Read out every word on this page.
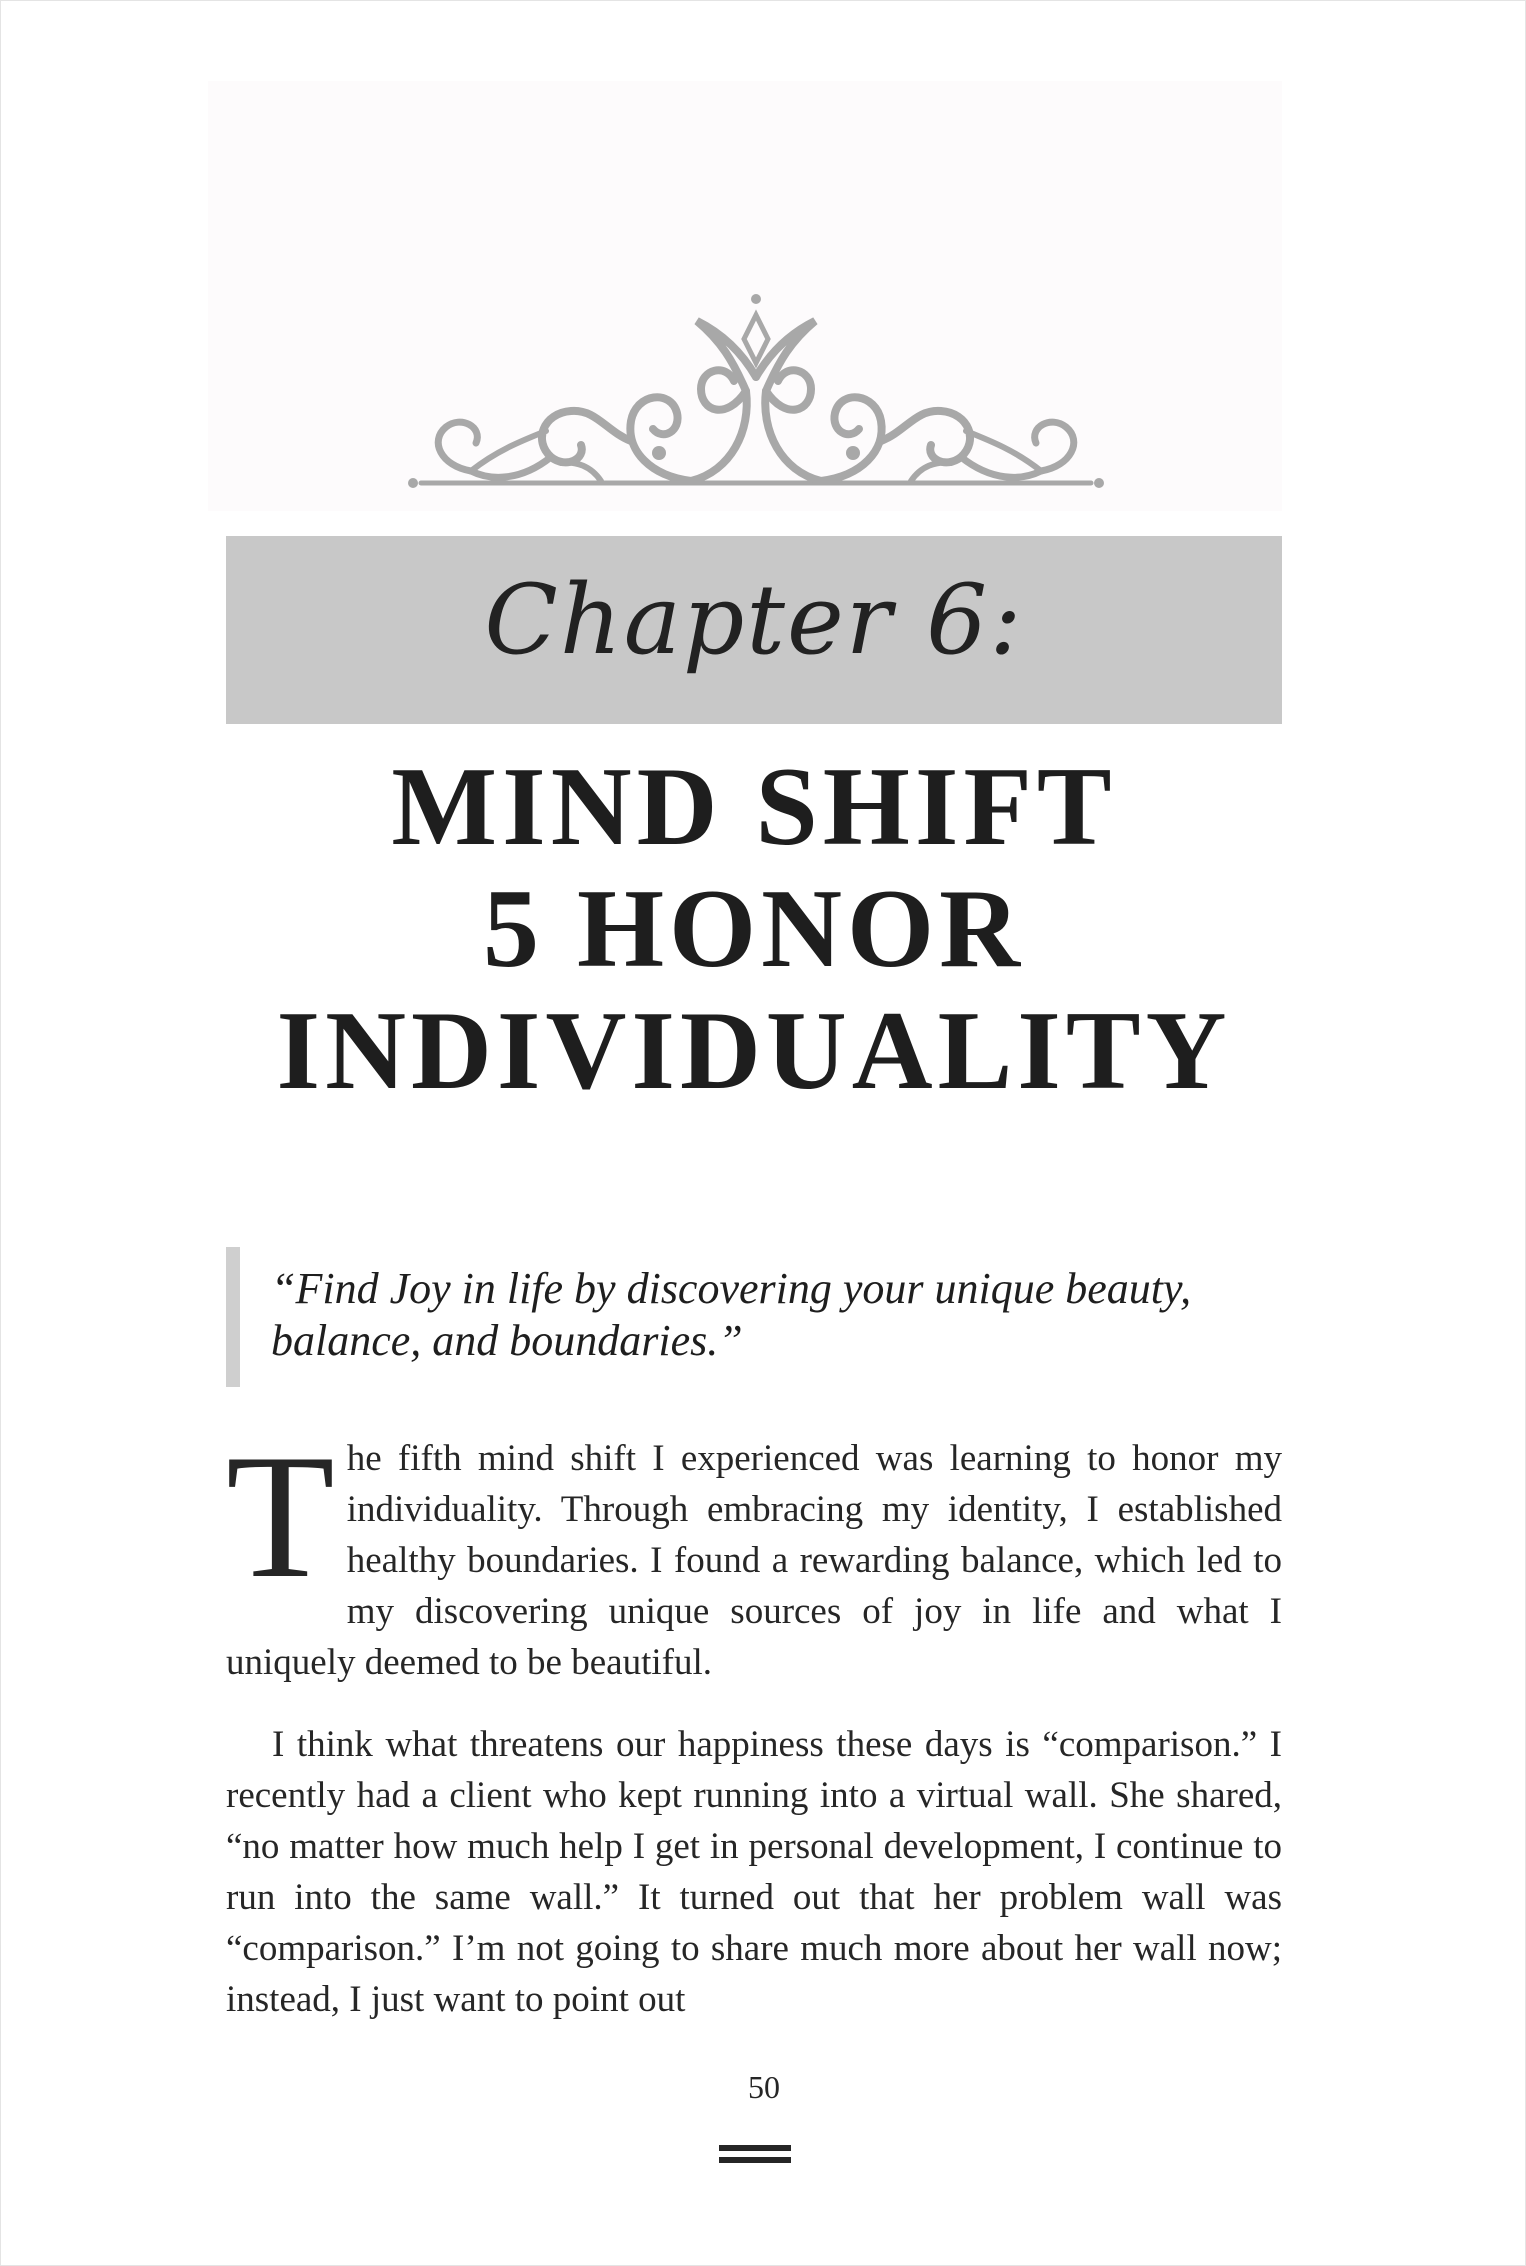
Chapter 6:
MIND SHIFT
5 HONOR
INDIVIDUALITY

“Find Joy in life by discovering your unique beauty, balance, and boundaries.”

The fifth mind shift I experienced was learning to honor my individuality. Through embracing my identity, I established healthy boundaries. I found a rewarding balance, which led to my discovering unique sources of joy in life and what I uniquely deemed to be beautiful.

I think what threatens our happiness these days is “comparison.” I recently had a client who kept running into a virtual wall. She shared, “no matter how much help I get in personal development, I continue to run into the same wall.” It turned out that her problem wall was “comparison.” I’m not going to share much more about her wall now; instead, I just want to point out

50
